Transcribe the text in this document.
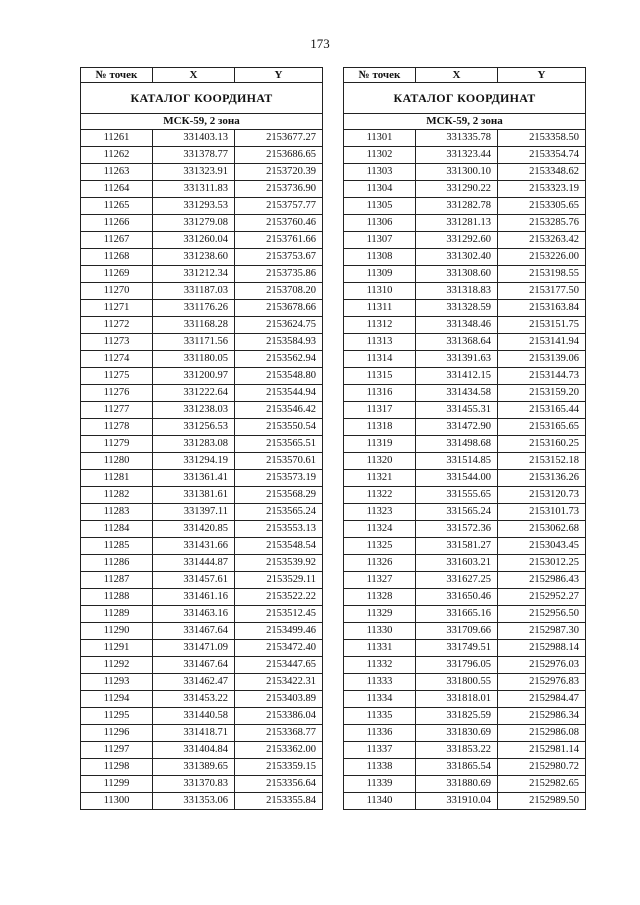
173
КАТАЛОГ КООРДИНАТ		
МСК-59, 2 зона		
№ точек	X	Y
11261	331403.13	2153677.27
11262	331378.77	2153686.65
11263	331323.91	2153720.39
11264	331311.83	2153736.90
11265	331293.53	2153757.77
11266	331279.08	2153760.46
11267	331260.04	2153761.66
11268	331238.60	2153753.67
11269	331212.34	2153735.86
11270	331187.03	2153708.20
11271	331176.26	2153678.66
11272	331168.28	2153624.75
11273	331171.56	2153584.93
11274	331180.05	2153562.94
11275	331200.97	2153548.80
11276	331222.64	2153544.94
11277	331238.03	2153546.42
11278	331256.53	2153550.54
11279	331283.08	2153565.51
11280	331294.19	2153570.61
11281	331361.41	2153573.19
11282	331381.61	2153568.29
11283	331397.11	2153565.24
11284	331420.85	2153553.13
11285	331431.66	2153548.54
11286	331444.87	2153539.92
11287	331457.61	2153529.11
11288	331461.16	2153522.22
11289	331463.16	2153512.45
11290	331467.64	2153499.46
11291	331471.09	2153472.40
11292	331467.64	2153447.65
11293	331462.47	2153422.31
11294	331453.22	2153403.89
11295	331440.58	2153386.04
11296	331418.71	2153368.77
11297	331404.84	2153362.00
11298	331389.65	2153359.15
11299	331370.83	2153356.64
11300	331353.06	2153355.84
КАТАЛОГ КООРДИНАТ		
МСК-59, 2 зона		
№ точек	X	Y
11301	331335.78	2153358.50
11302	331323.44	2153354.74
11303	331300.10	2153348.62
11304	331290.22	2153323.19
11305	331282.78	2153305.65
11306	331281.13	2153285.76
11307	331292.60	2153263.42
11308	331302.40	2153226.00
11309	331308.60	2153198.55
11310	331318.83	2153177.50
11311	331328.59	2153163.84
11312	331348.46	2153151.75
11313	331368.64	2153141.94
11314	331391.63	2153139.06
11315	331412.15	2153144.73
11316	331434.58	2153159.20
11317	331455.31	2153165.44
11318	331472.90	2153165.65
11319	331498.68	2153160.25
11320	331514.85	2153152.18
11321	331544.00	2153136.26
11322	331555.65	2153120.73
11323	331565.24	2153101.73
11324	331572.36	2153062.68
11325	331581.27	2153043.45
11326	331603.21	2153012.25
11327	331627.25	2152986.43
11328	331650.46	2152952.27
11329	331665.16	2152956.50
11330	331709.66	2152987.30
11331	331749.51	2152988.14
11332	331796.05	2152976.03
11333	331800.55	2152976.83
11334	331818.01	2152984.47
11335	331825.59	2152986.34
11336	331830.69	2152986.08
11337	331853.22	2152981.14
11338	331865.54	2152980.72
11339	331880.69	2152982.65
11340	331910.04	2152989.50
